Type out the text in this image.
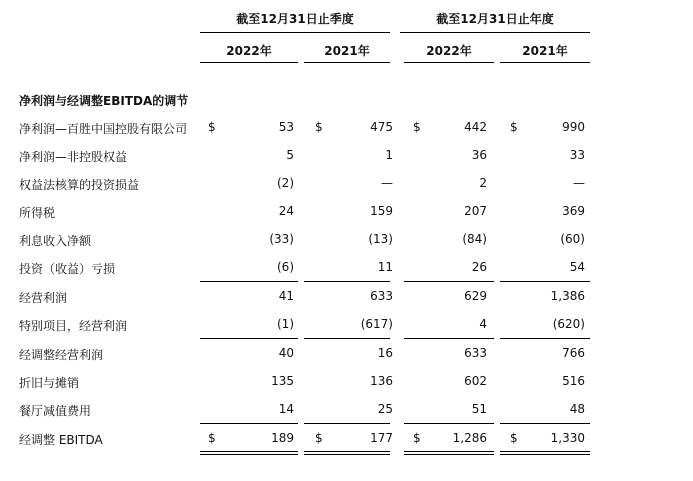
截至12月31日止季度	截至12月31日止年度
2022年	2021年	2022年	2021年
净利润与经调整EBITDA的调节
净利润—百胜中国控股有限公司 $	53 $	475 $	442 $	990
净利润—非控股权益	5	1	36	33
权益法核算的投资损益	(2)	—	2	—
所得税	24	159	207	369
利息收入净额	(33)	(13)	(84)	(60)
投资（收益）亏损	(6)	11	26	54
经营利润	41	633	629	1,386
特别项目，经营利润	(1)	(617)	4	(620)
经调整经营利润	40	16	633	766
折旧与摊销	135	136	602	516
餐厅减值费用	14	25	51	48
经调整 EBITDA	$	189 $	177 $	1,286 $	1,330
